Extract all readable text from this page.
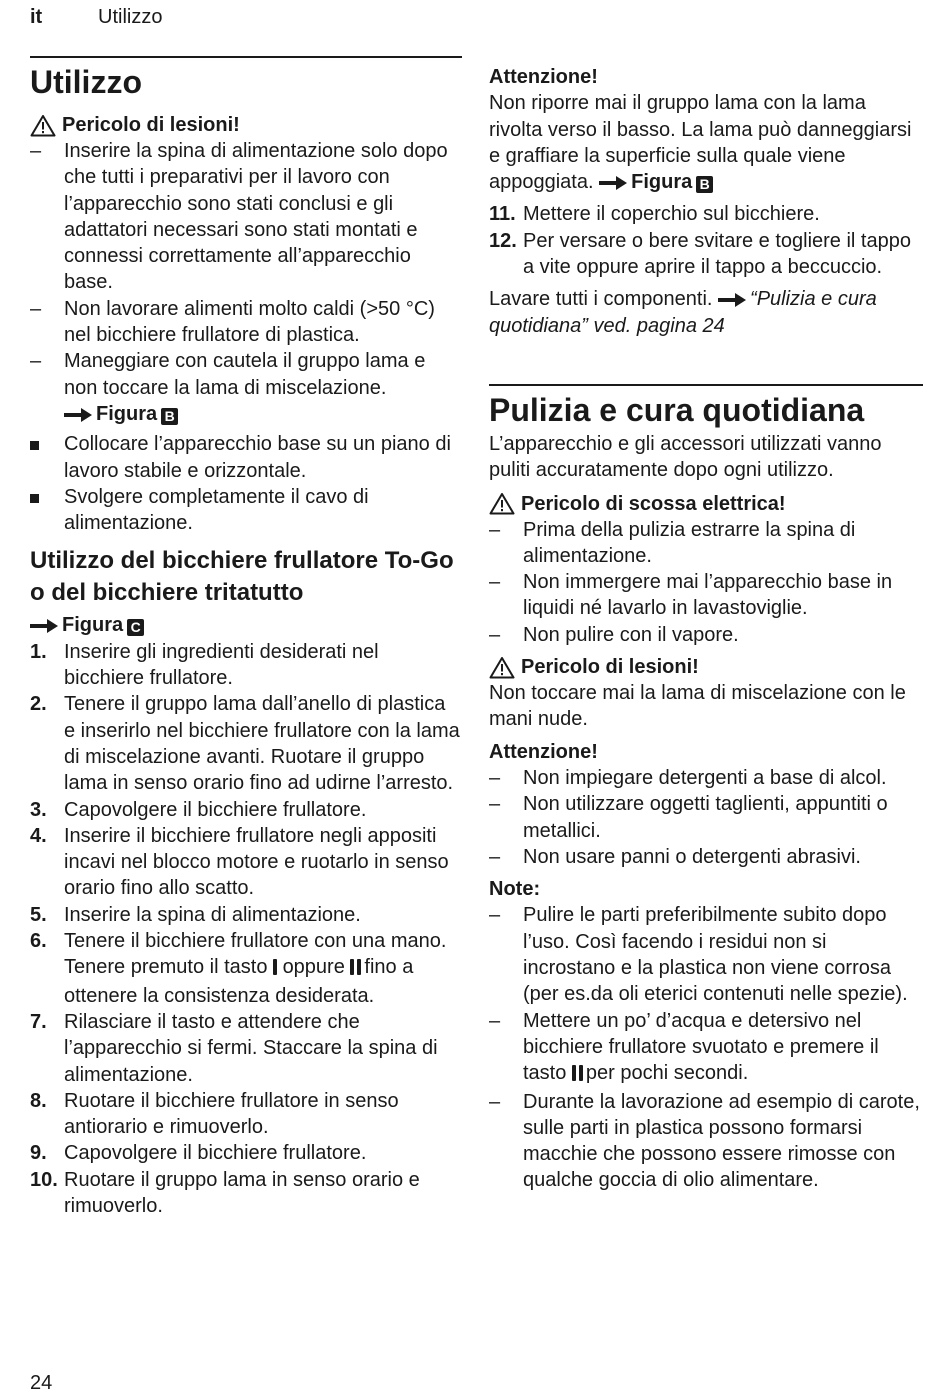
it	Utilizzo
Utilizzo
Pericolo di lesioni!
– Inserire la spina di alimentazione solo dopo che tutti i preparativi per il lavoro con l’apparecchio sono stati conclusi e gli adattatori necessari sono stati montati e connessi correttamente all’apparecchio base.
– Non lavorare alimenti molto caldi (>50 °C) nel bicchiere frullatore di plastica.
– Maneggiare con cautela il gruppo lama e non toccare la lama di miscelazione.
Figura B
Collocare l’apparecchio base su un piano di lavoro stabile e orizzontale.
Svolgere completamente il cavo di alimentazione.
Utilizzo del bicchiere frullatore To-Go o del bicchiere tritatutto
Figura C
1. Inserire gli ingredienti desiderati nel bicchiere frullatore.
2. Tenere il gruppo lama dall’anello di plastica e inserirlo nel bicchiere frullatore con la lama di miscelazione avanti. Ruotare il gruppo lama in senso orario fino ad udirne l’arresto.
3. Capovolgere il bicchiere frullatore.
4. Inserire il bicchiere frullatore negli appositi incavi nel blocco motore e ruotarlo in senso orario fino allo scatto.
5. Inserire la spina di alimentazione.
6. Tenere il bicchiere frullatore con una mano. Tenere premuto il tasto oppure fino a ottenere la consistenza desiderata.
7. Rilasciare il tasto e attendere che l’apparecchio si fermi. Staccare la spina di alimentazione.
8. Ruotare il bicchiere frullatore in senso antiorario e rimuoverlo.
9. Capovolgere il bicchiere frullatore.
10. Ruotare il gruppo lama in senso orario e rimuoverlo.
Attenzione!
Non riporre mai il gruppo lama con la lama rivolta verso il basso. La lama può danneggiarsi e graffiare la superficie sulla quale viene appoggiata. Figura B
11. Mettere il coperchio sul bicchiere.
12. Per versare o bere svitare e togliere il tappo a vite oppure aprire il tappo a beccuccio.
Lavare tutti i componenti. “Pulizia e cura quotidiana” ved. pagina 24
Pulizia e cura quotidiana
L’apparecchio e gli accessori utilizzati vanno puliti accuratamente dopo ogni utilizzo.
Pericolo di scossa elettrica!
– Prima della pulizia estrarre la spina di alimentazione.
– Non immergere mai l’apparecchio base in liquidi né lavarlo in lavastoviglie.
– Non pulire con il vapore.
Pericolo di lesioni!
Non toccare mai la lama di miscelazione con le mani nude.
Attenzione!
– Non impiegare detergenti a base di alcol.
– Non utilizzare oggetti taglienti, appuntiti o metallici.
– Non usare panni o detergenti abrasivi.
Note:
– Pulire le parti preferibilmente subito dopo l’uso. Così facendo i residui non si incrostano e la plastica non viene corrosa (per es.da oli eterici contenuti nelle spezie).
– Mettere un po’ d’acqua e detersivo nel bicchiere frullatore svuotato e premere il tasto per pochi secondi.
– Durante la lavorazione ad esempio di carote, sulle parti in plastica possono formarsi macchie che possono essere rimosse con qualche goccia di olio alimentare.
24
